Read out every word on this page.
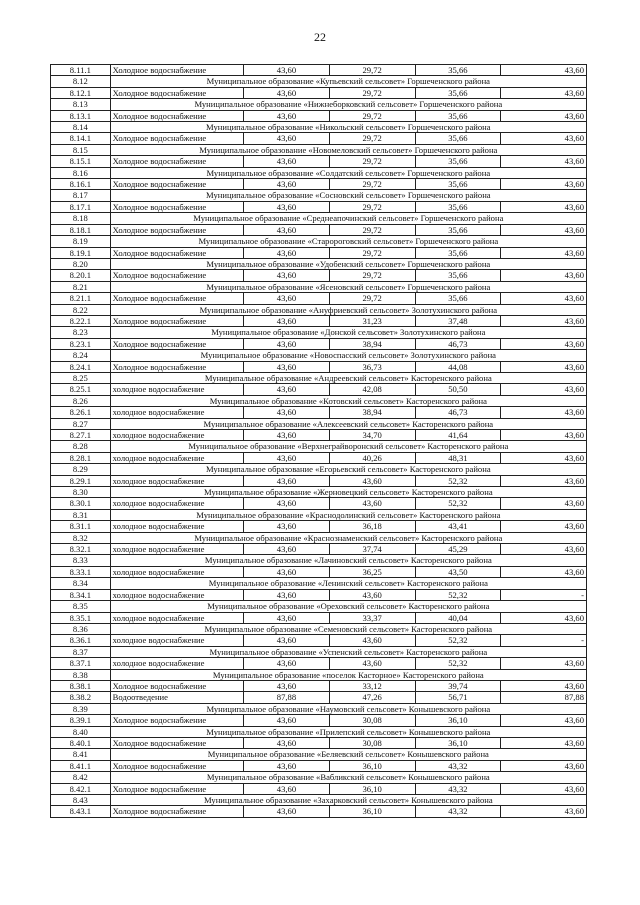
22
8.11.1	Холодное водоснабжение	43,60	29,72	35,66	43,60
8.12	Муниципальное образование «Купьевский сельсовет» Горшеченского района				
8.12.1	Холодное водоснабжение	43,60	29,72	35,66	43,60
8.13	Муниципальное образование «Нижнеборковский сельсовет» Горшеченского района				
8.13.1	Холодное водоснабжение	43,60	29,72	35,66	43,60
8.14	Муниципальное образование «Никольский сельсовет» Горшеченского района				
8.14.1	Холодное водоснабжение	43,60	29,72	35,66	43,60
8.15	Муниципальное образование «Новомеловский сельсовет» Горшеченского района				
8.15.1	Холодное водоснабжение	43,60	29,72	35,66	43,60
8.16	Муниципальное образование «Солдатский сельсовет» Горшеченского района				
8.16.1	Холодное водоснабжение	43,60	29,72	35,66	43,60
8.17	Муниципальное образование «Сосновский сельсовет» Горшеченского района				
8.17.1	Холодное водоснабжение	43,60	29,72	35,66	43,60
8.18	Муниципальное образование «Среднеапочинский сельсовет» Горшеченского района				
8.18.1	Холодное водоснабжение	43,60	29,72	35,66	43,60
8.19	Муниципальное образование «Старороговский сельсовет» Горшеченского района				
8.19.1	Холодное водоснабжение	43,60	29,72	35,66	43,60
8.20	Муниципальное образование «Удобенский сельсовет» Горшеченского района				
8.20.1	Холодное водоснабжение	43,60	29,72	35,66	43,60
8.21	Муниципальное образование «Ясеновский сельсовет» Горшеченского района				
8.21.1	Холодное водоснабжение	43,60	29,72	35,66	43,60
8.22	Муниципальное образование «Ануфриевский сельсовет» Золотухинского района				
8.22.1	Холодное водоснабжение	43,60	31,23	37,48	43,60
8.23	Муниципальное образование «Донской сельсовет» Золотухинского района				
8.23.1	Холодное водоснабжение	43,60	38,94	46,73	43,60
8.24	Муниципальное образование «Новоспасский сельсовет» Золотухинского района				
8.24.1	Холодное водоснабжение	43,60	36,73	44,08	43,60
8.25	Муниципальное образование «Андреевский сельсовет» Касторенского района				
8.25.1	холодное водоснабжение	43,60	42,08	50,50	43,60
8.26	Муниципальное образование «Котовский сельсовет» Касторенского района				
8.26.1	холодное водоснабжение	43,60	38,94	46,73	43,60
8.27	Муниципальное образование «Алексеевский сельсовет» Касторенского района				
8.27.1	холодное водоснабжение	43,60	34,70	41,64	43,60
8.28	Муниципальное образование «Верхнеграйворонский сельсовет» Касторенского района				
8.28.1	холодное водоснабжение	43,60	40,26	48,31	43,60
8.29	Муниципальное образование «Егорьевский сельсовет» Касторенского района				
8.29.1	холодное водоснабжение	43,60	43,60	52,32	43,60
8.30	Муниципальное образование «Жерновецкий сельсовет» Касторенского района				
8.30.1	холодное водоснабжение	43,60	43,60	52,32	43,60
8.31	Муниципальное образование «Краснодолинский сельсовет» Касторенского района				
8.31.1	холодное водоснабжение	43,60	36,18	43,41	43,60
8.32	Муниципальное образование «Краснознаменский сельсовет» Касторенского района				
8.32.1	холодное водоснабжение	43,60	37,74	45,29	43,60
8.33	Муниципальное образование «Лачиновский сельсовет» Касторенского района				
8.33.1	холодное водоснабжение	43,60	36,25	43,50	43,60
8.34	Муниципальное образование «Ленинский сельсовет» Касторенского района				
8.34.1	холодное водоснабжение	43,60	43,60	52,32	-
8.35	Муниципальное образование «Ореховский сельсовет» Касторенского района				
8.35.1	холодное водоснабжение	43,60	33,37	40,04	43,60
8.36	Муниципальное образование «Семеновский сельсовет» Касторенского района				
8.36.1	холодное водоснабжение	43,60	43,60	52,32	-
8.37	Муниципальное образование «Успенский сельсовет» Касторенского района				
8.37.1	холодное водоснабжение	43,60	43,60	52,32	43,60
8.38	Муниципальное образование «поселок Касторное» Касторенского района				
8.38.1	Холодное водоснабжение	43,60	33,12	39,74	43,60
8.38.2	Водоотведение	87,88	47,26	56,71	87,88
8.39	Муниципальное образование «Наумовский сельсовет» Конышевского района				
8.39.1	Холодное водоснабжение	43,60	30,08	36,10	43,60
8.40	Муниципальное образование «Прилепский сельсовет» Конышевского района				
8.40.1	Холодное водоснабжение	43,60	30,08	36,10	43,60
8.41	Муниципальное образование «Беляевский сельсовет» Конышевского района				
8.41.1	Холодное водоснабжение	43,60	36,10	43,32	43,60
8.42	Муниципальное образование «Вабликский сельсовет» Конышевского района				
8.42.1	Холодное водоснабжение	43,60	36,10	43,32	43,60
8.43	Муниципальное образование «Захарковский сельсовет» Конышевского района				
8.43.1	Холодное водоснабжение	43,60	36,10	43,32	43,60
